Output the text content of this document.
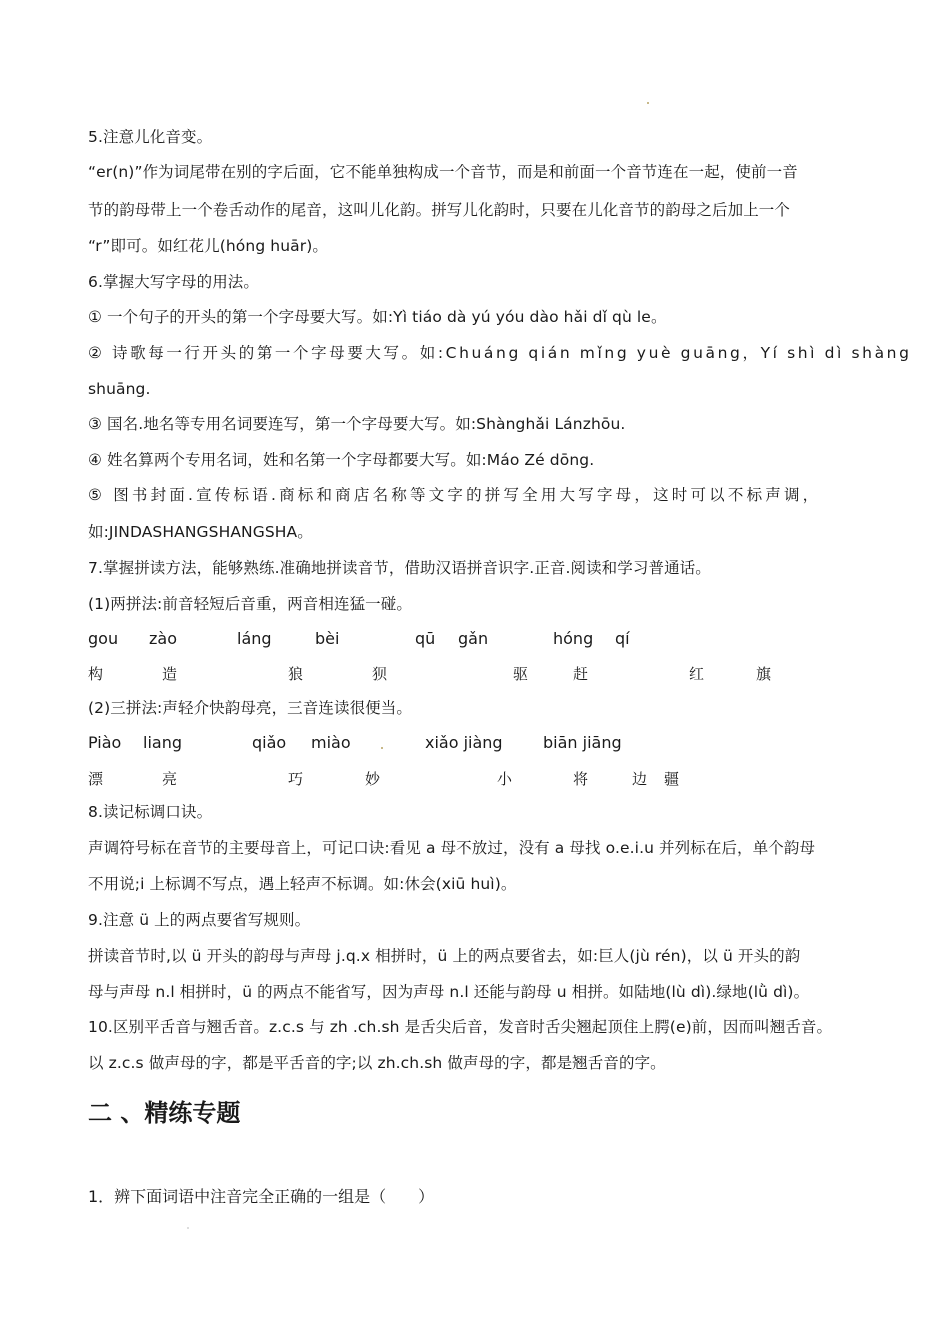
5.注意儿化音变。
“er(n)”作为词尾带在别的字后面，它不能单独构成一个音节，而是和前面一个音节连在一起，使前一音
节的韵母带上一个卷舌动作的尾音，这叫儿化韵。拼写儿化韵时，只要在儿化音节的韵母之后加上一个
“r”即可。如红花儿(hóng huār)。
6.掌握大写字母的用法。
① 一个句子的开头的第一个字母要大写。如:Yì tiáo dà yú yóu dào hǎi dǐ qù le。
② 诗歌每一行开头的第一个字母要大写。如:Chuáng qián mǐng yuè guāng，Yí shì dì shàng
shuāng.
③ 国名.地名等专用名词要连写，第一个字母要大写。如:Shànghǎi Lánzhōu.
④ 姓名算两个专用名词，姓和名第一个字母都要大写。如:Máo Zé dōng.
⑤ 图书封面.宣传标语.商标和商店名称等文字的拼写全用大写字母，这时可以不标声调，
如:JINDASHANGSHANGSHA。
7.掌握拼读方法，能够熟练.准确地拼读音节，借助汉语拼音识字.正音.阅读和学习普通话。
(1)两拼法:前音轻短后音重，两音相连猛一碰。
gou zào	láng	bèi	qū gǎn	hóng qí
构	造	狼	狈	驱	赶	红	旗
(2)三拼法:声轻介快韵母亮，三音连读很便当。
Piào liang	qiǎo miào	xiǎo jiàng	biān jiāng
漂	亮	巧	妙	小	将	边 疆
8.读记标调口诀。
声调符号标在音节的主要母音上，可记口诀:看见 a 母不放过，没有 a 母找 o.e.i.u 并列标在后，单个韵母
不用说;i 上标调不写点，遇上轻声不标调。如:休会(xiū huì)。
9.注意 ü 上的两点要省写规则。
拼读音节时,以 ü 开头的韵母与声母 j.q.x 相拼时，ü 上的两点要省去，如:巨人(jù rén)，以 ü 开头的韵
母与声母 n.l 相拼时，ü 的两点不能省写，因为声母 n.l 还能与韵母 u 相拼。如陆地(lù dì).绿地(lǜ dì)。
10.区别平舌音与翘舌音。z.c.s 与 zh .ch.sh 是舌尖后音，发音时舌尖翘起顶住上腭(e)前，因而叫翘舌音。
以 z.c.s 做声母的字，都是平舌音的字;以 zh.ch.sh 做声母的字，都是翘舌音的字。
二 、精练专题
1．辨下面词语中注音完全正确的一组是（　　）
